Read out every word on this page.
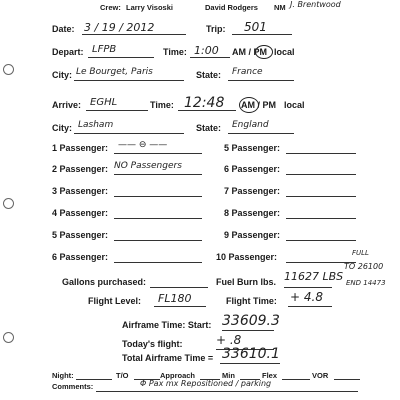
Crew: Larry Visoski	David Rodgers NM J. Brentwood
Date: 3 / 19 / 2012	Trip: 501
Depart: LFPB	Time: 1:00 AM / PM local
City: Le Bourget, Paris	State: France
Arrive: EGHL	Time: 12:48 AM / PM local
City: Lasham	State: England
1 Passenger: —— ⊖ ——
2 Passenger: NO Passengers
3 Passenger:
4 Passenger:
5 Passenger:
6 Passenger:
5 Passenger:
6 Passenger:
7 Passenger:
8 Passenger:
9 Passenger:
10 Passenger:
Gallons purchased:	Fuel Burn lbs. 11627 LBS
FULL
TO 26100
END 14473
Flight Level: FL180	Flight Time: + 4.8
Airframe Time: Start: 33609.3
Today's flight:	+ .8
Total Airframe Time = 33610.1
Night:	T/O	Approach	Min	Flex	VOR
Comments:	Φ Pax mx Repositioned / parking
